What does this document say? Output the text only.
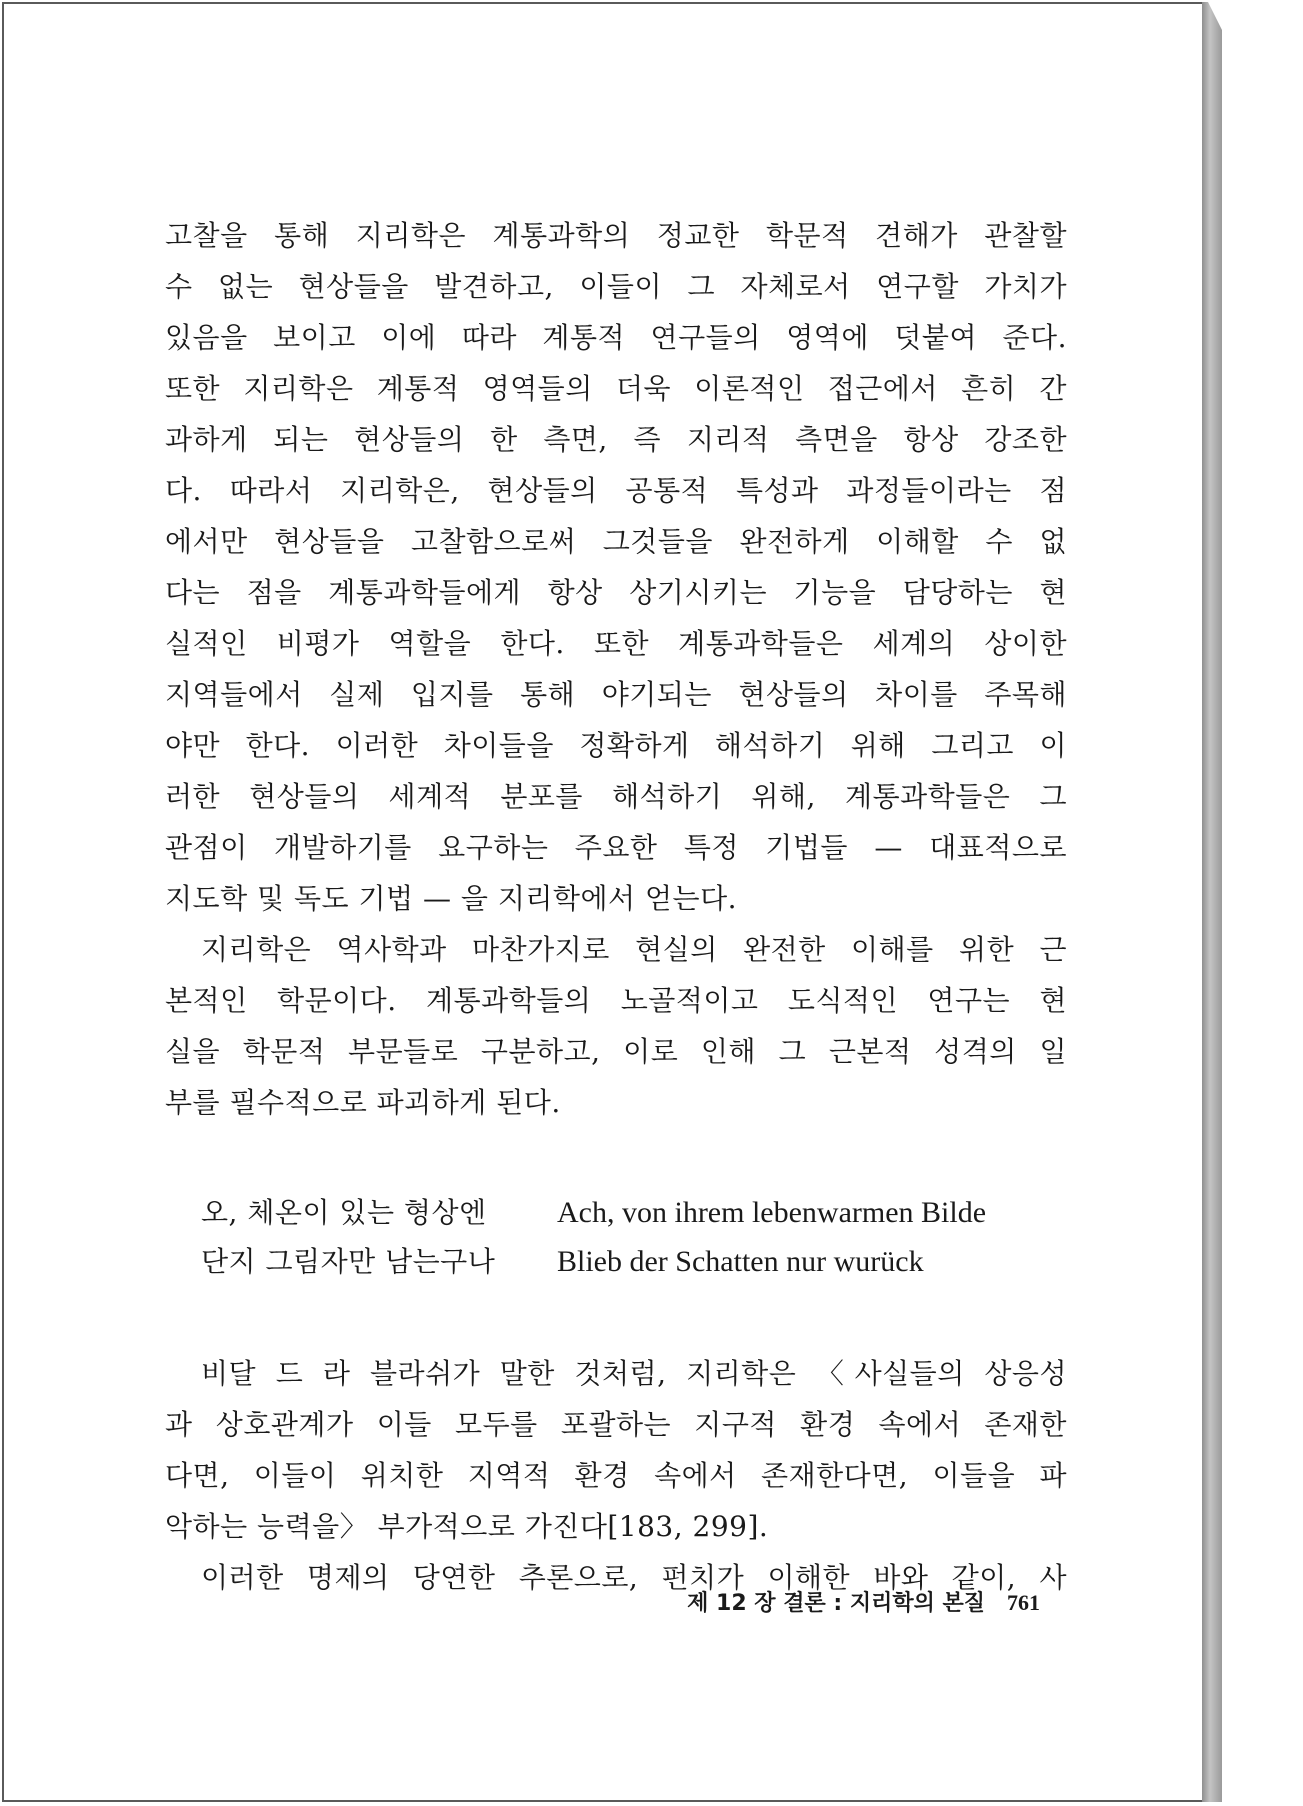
고찰을 통해 지리학은 계통과학의 정교한 학문적 견해가 관찰할
수 없는 현상들을 발견하고, 이들이 그 자체로서 연구할 가치가
있음을 보이고 이에 따라 계통적 연구들의 영역에 덧붙여 준다.
또한 지리학은 계통적 영역들의 더욱 이론적인 접근에서 흔히 간
과하게 되는 현상들의 한 측면, 즉 지리적 측면을 항상 강조한
다. 따라서 지리학은, 현상들의 공통적 특성과 과정들이라는 점
에서만 현상들을 고찰함으로써 그것들을 완전하게 이해할 수 없
다는 점을 계통과학들에게 항상 상기시키는 기능을 담당하는 현
실적인 비평가 역할을 한다. 또한 계통과학들은 세계의 상이한
지역들에서 실제 입지를 통해 야기되는 현상들의 차이를 주목해
야만 한다. 이러한 차이들을 정확하게 해석하기 위해 그리고 이
러한 현상들의 세계적 분포를 해석하기 위해, 계통과학들은 그
관점이 개발하기를 요구하는 주요한 특정 기법들 — 대표적으로
지도학 및 독도 기법 — 을 지리학에서 얻는다.
지리학은 역사학과 마찬가지로 현실의 완전한 이해를 위한 근
본적인 학문이다. 계통과학들의 노골적이고 도식적인 연구는 현
실을 학문적 부문들로 구분하고, 이로 인해 그 근본적 성격의 일
부를 필수적으로 파괴하게 된다.
오, 체온이 있는 형상엔	Ach, von ihrem lebenwarmen Bilde
단지 그림자만 남는구나	Blieb der Schatten nur wurück
비달 드 라 블라쉬가 말한 것처럼, 지리학은 〈사실들의 상응성
과 상호관계가 이들 모두를 포괄하는 지구적 환경 속에서 존재한
다면, 이들이 위치한 지역적 환경 속에서 존재한다면, 이들을 파
악하는 능력을〉 부가적으로 가진다[183, 299].
이러한 명제의 당연한 추론으로, 펀치가 이해한 바와 같이, 사
제 12 장 결론 : 지리학의 본질 761
